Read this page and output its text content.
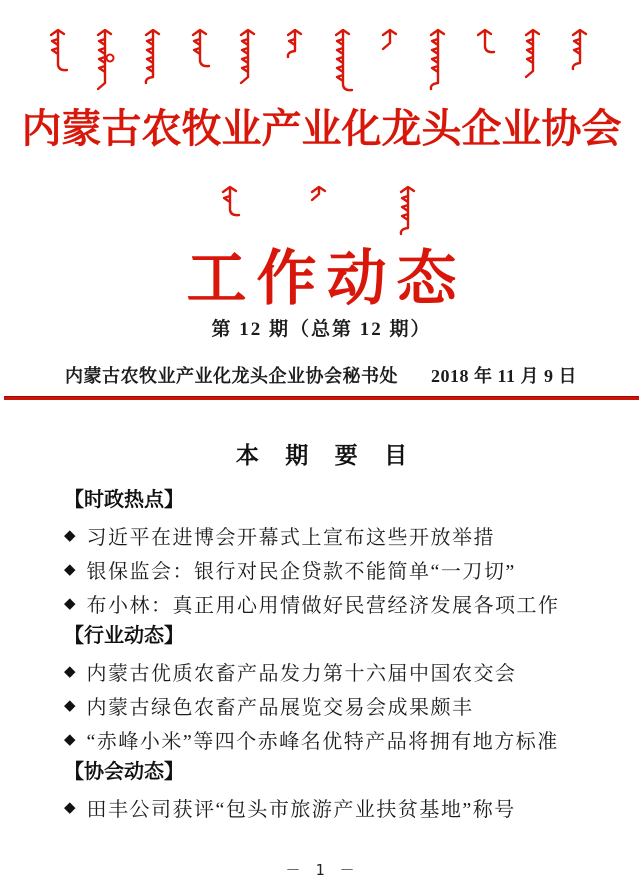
内蒙古农牧业产业化龙头企业协会
工作动态
第 12 期（总第 12 期）
内蒙古农牧业产业化龙头企业协会秘书处 2018 年 11 月 9 日
本 期 要 目
【时政热点】
◆ 习近平在进博会开幕式上宣布这些开放举措
◆ 银保监会：银行对民企贷款不能简单“一刀切”
◆ 布小林：真正用心用情做好民营经济发展各项工作
【行业动态】
◆ 内蒙古优质农畜产品发力第十六届中国农交会
◆ 内蒙古绿色农畜产品展览交易会成果颇丰
◆ “赤峰小米”等四个赤峰名优特产品将拥有地方标准
【协会动态】
◆ 田丰公司获评“包头市旅游产业扶贫基地”称号
－ 1 －
